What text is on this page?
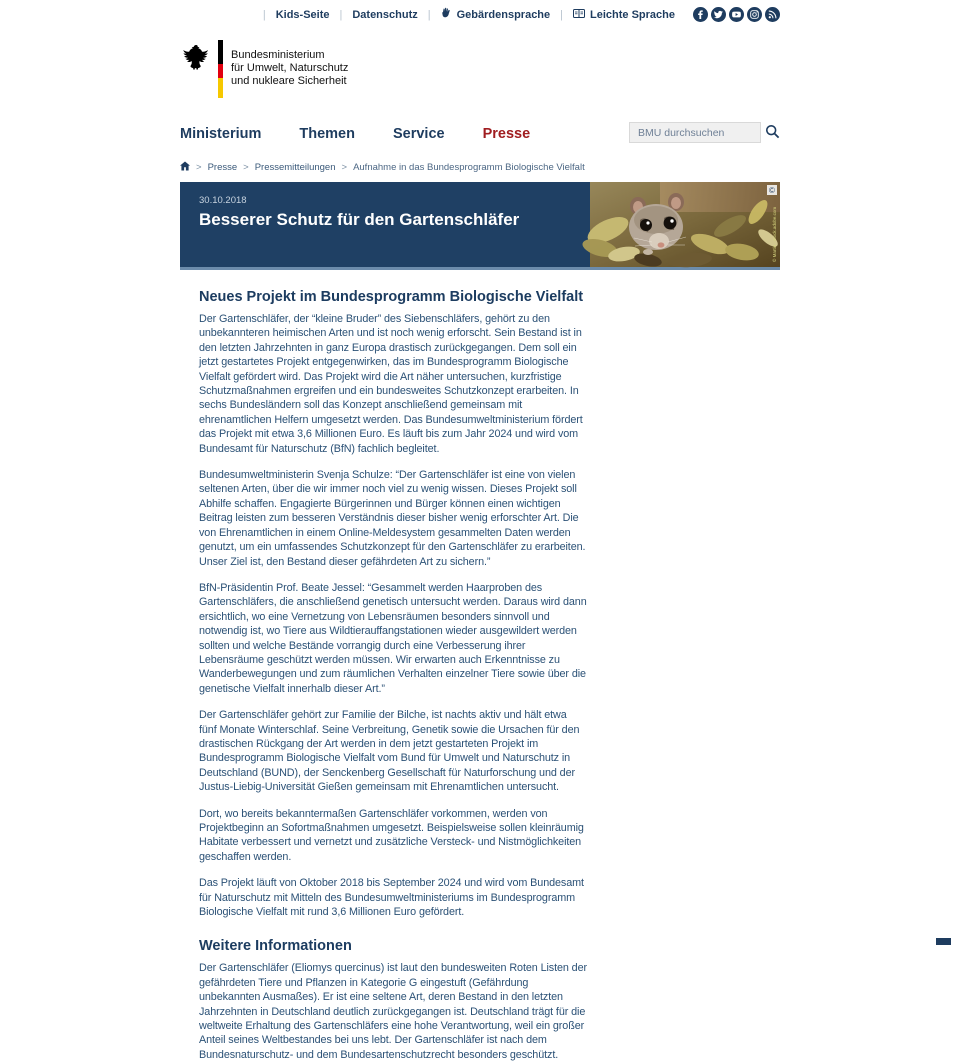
| Kids-Seite | Datenschutz | Gebärdensprache | Leichte Sprache
Bundesministerium
für Umwelt, Naturschutz
und nukleare Sicherheit
Ministerium	Themen	Service	Presse
BMU durchsuchen
> Presse > Pressemitteilungen > Aufnahme in das Bundesprogramm Biologische Vielfalt
30.10.2018
Besserer Schutz für den Gartenschläfer
©
© Martin - stock.adobe.com
Neues Projekt im Bundesprogramm Biologische Vielfalt

Der Gartenschläfer, der “kleine Bruder” des Siebenschläfers, gehört zu den unbekannteren heimischen Arten und ist noch wenig erforscht. Sein Bestand ist in den letzten Jahrzehnten in ganz Europa drastisch zurückgegangen. Dem soll ein jetzt gestartetes Projekt entgegenwirken, das im Bundesprogramm Biologische Vielfalt gefördert wird. Das Projekt wird die Art näher untersuchen, kurzfristige Schutzmaßnahmen ergreifen und ein bundesweites Schutzkonzept erarbeiten. In sechs Bundesländern soll das Konzept anschließend gemeinsam mit ehrenamtlichen Helfern umgesetzt werden. Das Bundesumweltministerium fördert das Projekt mit etwa 3,6 Millionen Euro. Es läuft bis zum Jahr 2024 und wird vom Bundesamt für Naturschutz (BfN) fachlich begleitet.

Bundesumweltministerin Svenja Schulze: “Der Gartenschläfer ist eine von vielen seltenen Arten, über die wir immer noch viel zu wenig wissen. Dieses Projekt soll Abhilfe schaffen. Engagierte Bürgerinnen und Bürger können einen wichtigen Beitrag leisten zum besseren Verständnis dieser bisher wenig erforschter Art. Die von Ehrenamtlichen in einem Online-Meldesystem gesammelten Daten werden genutzt, um ein umfassendes Schutzkonzept für den Gartenschläfer zu erarbeiten. Unser Ziel ist, den Bestand dieser gefährdeten Art zu sichern.”

BfN-Präsidentin Prof. Beate Jessel: “Gesammelt werden Haarproben des Gartenschläfers, die anschließend genetisch untersucht werden. Daraus wird dann ersichtlich, wo eine Vernetzung von Lebensräumen besonders sinnvoll und notwendig ist, wo Tiere aus Wildtierauffangstationen wieder ausgewildert werden sollten und welche Bestände vorrangig durch eine Verbesserung ihrer Lebensräume geschützt werden müssen. Wir erwarten auch Erkenntnisse zu Wanderbewegungen und zum räumlichen Verhalten einzelner Tiere sowie über die genetische Vielfalt innerhalb dieser Art.”

Der Gartenschläfer gehört zur Familie der Bilche, ist nachts aktiv und hält etwa fünf Monate Winterschlaf. Seine Verbreitung, Genetik sowie die Ursachen für den drastischen Rückgang der Art werden in dem jetzt gestarteten Projekt im Bundesprogramm Biologische Vielfalt vom Bund für Umwelt und Naturschutz in Deutschland (BUND), der Senckenberg Gesellschaft für Naturforschung und der Justus-Liebig-Universität Gießen gemeinsam mit Ehrenamtlichen untersucht.

Dort, wo bereits bekanntermaßen Gartenschläfer vorkommen, werden von Projektbeginn an Sofortmaßnahmen umgesetzt. Beispielsweise sollen kleinräumig Habitate verbessert und vernetzt und zusätzliche Versteck- und Nistmöglichkeiten geschaffen werden.

Das Projekt läuft von Oktober 2018 bis September 2024 und wird vom Bundesamt für Naturschutz mit Mitteln des Bundesumweltministeriums im Bundesprogramm Biologische Vielfalt mit rund 3,6 Millionen Euro gefördert.

Weitere Informationen

Der Gartenschläfer (Eliomys quercinus) ist laut den bundesweiten Roten Listen der gefährdeten Tiere und Pflanzen in Kategorie G eingestuft (Gefährdung unbekannten Ausmaßes). Er ist eine seltene Art, deren Bestand in den letzten Jahrzehnten in Deutschland deutlich zurückgegangen ist. Deutschland trägt für die weltweite Erhaltung des Gartenschläfers eine hohe Verantwortung, weil ein großer Anteil seines Weltbestandes bei uns lebt. Der Gartenschläfer ist nach dem Bundesnaturschutz- und dem Bundesartenschutzrecht besonders geschützt.
